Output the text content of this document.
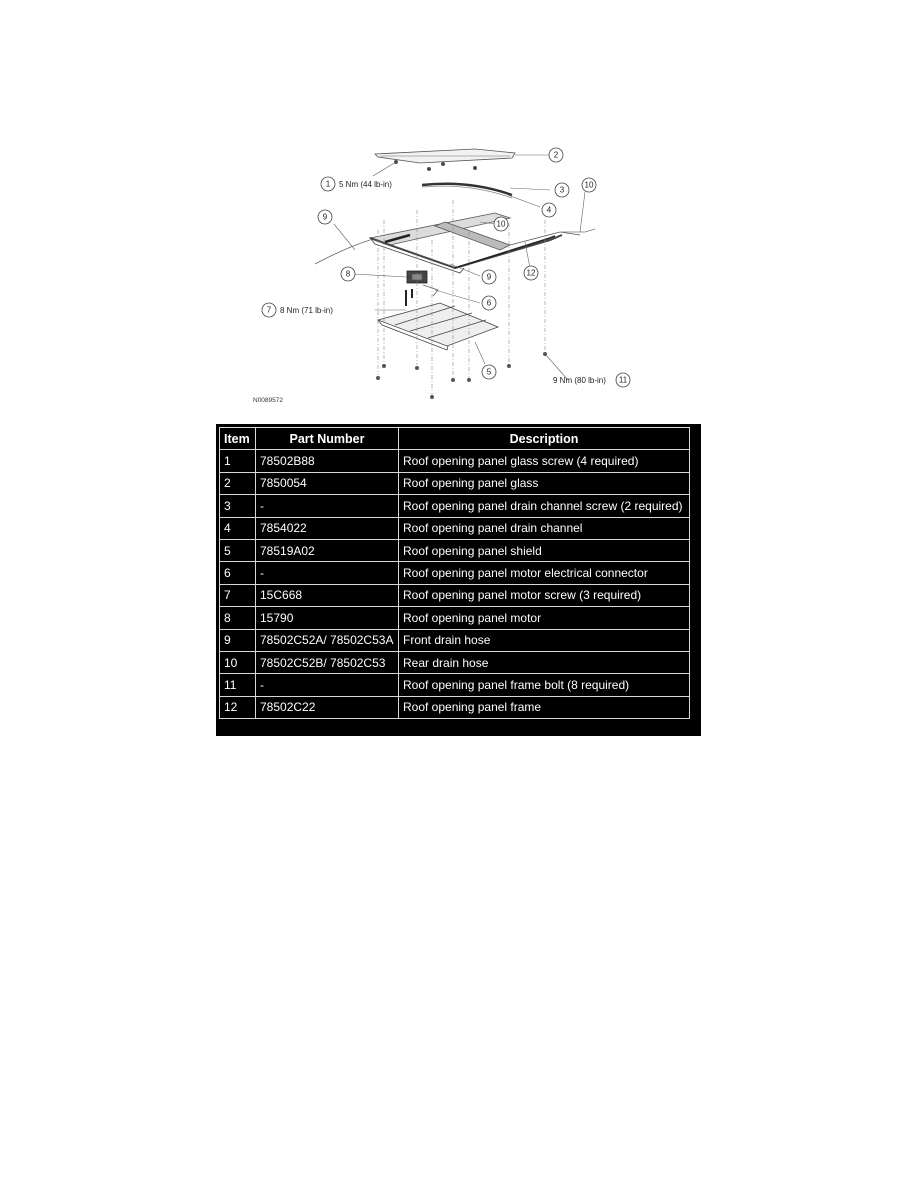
2
1 5 Nm (44 lb-in)
3
4
10
9
10
8	9	12
6
7 8 Nm (71 lb-in)
5
11
9 Nm (80 lb-in)
N0089572
Item	Part Number	Description
1	78502B88	Roof opening panel glass screw (4 required)
2	7850054	Roof opening panel glass
3	-	Roof opening panel drain channel screw (2 required)
4	7854022	Roof opening panel drain channel
5	78519A02	Roof opening panel shield
6	-	Roof opening panel motor electrical connector
7	15C668	Roof opening panel motor screw (3 required)
8	15790	Roof opening panel motor
9	78502C52A/ 78502C53A	Front drain hose
10	78502C52B/ 78502C53	Rear drain hose
11	-	Roof opening panel frame bolt (8 required)
12	78502C22	Roof opening panel frame
